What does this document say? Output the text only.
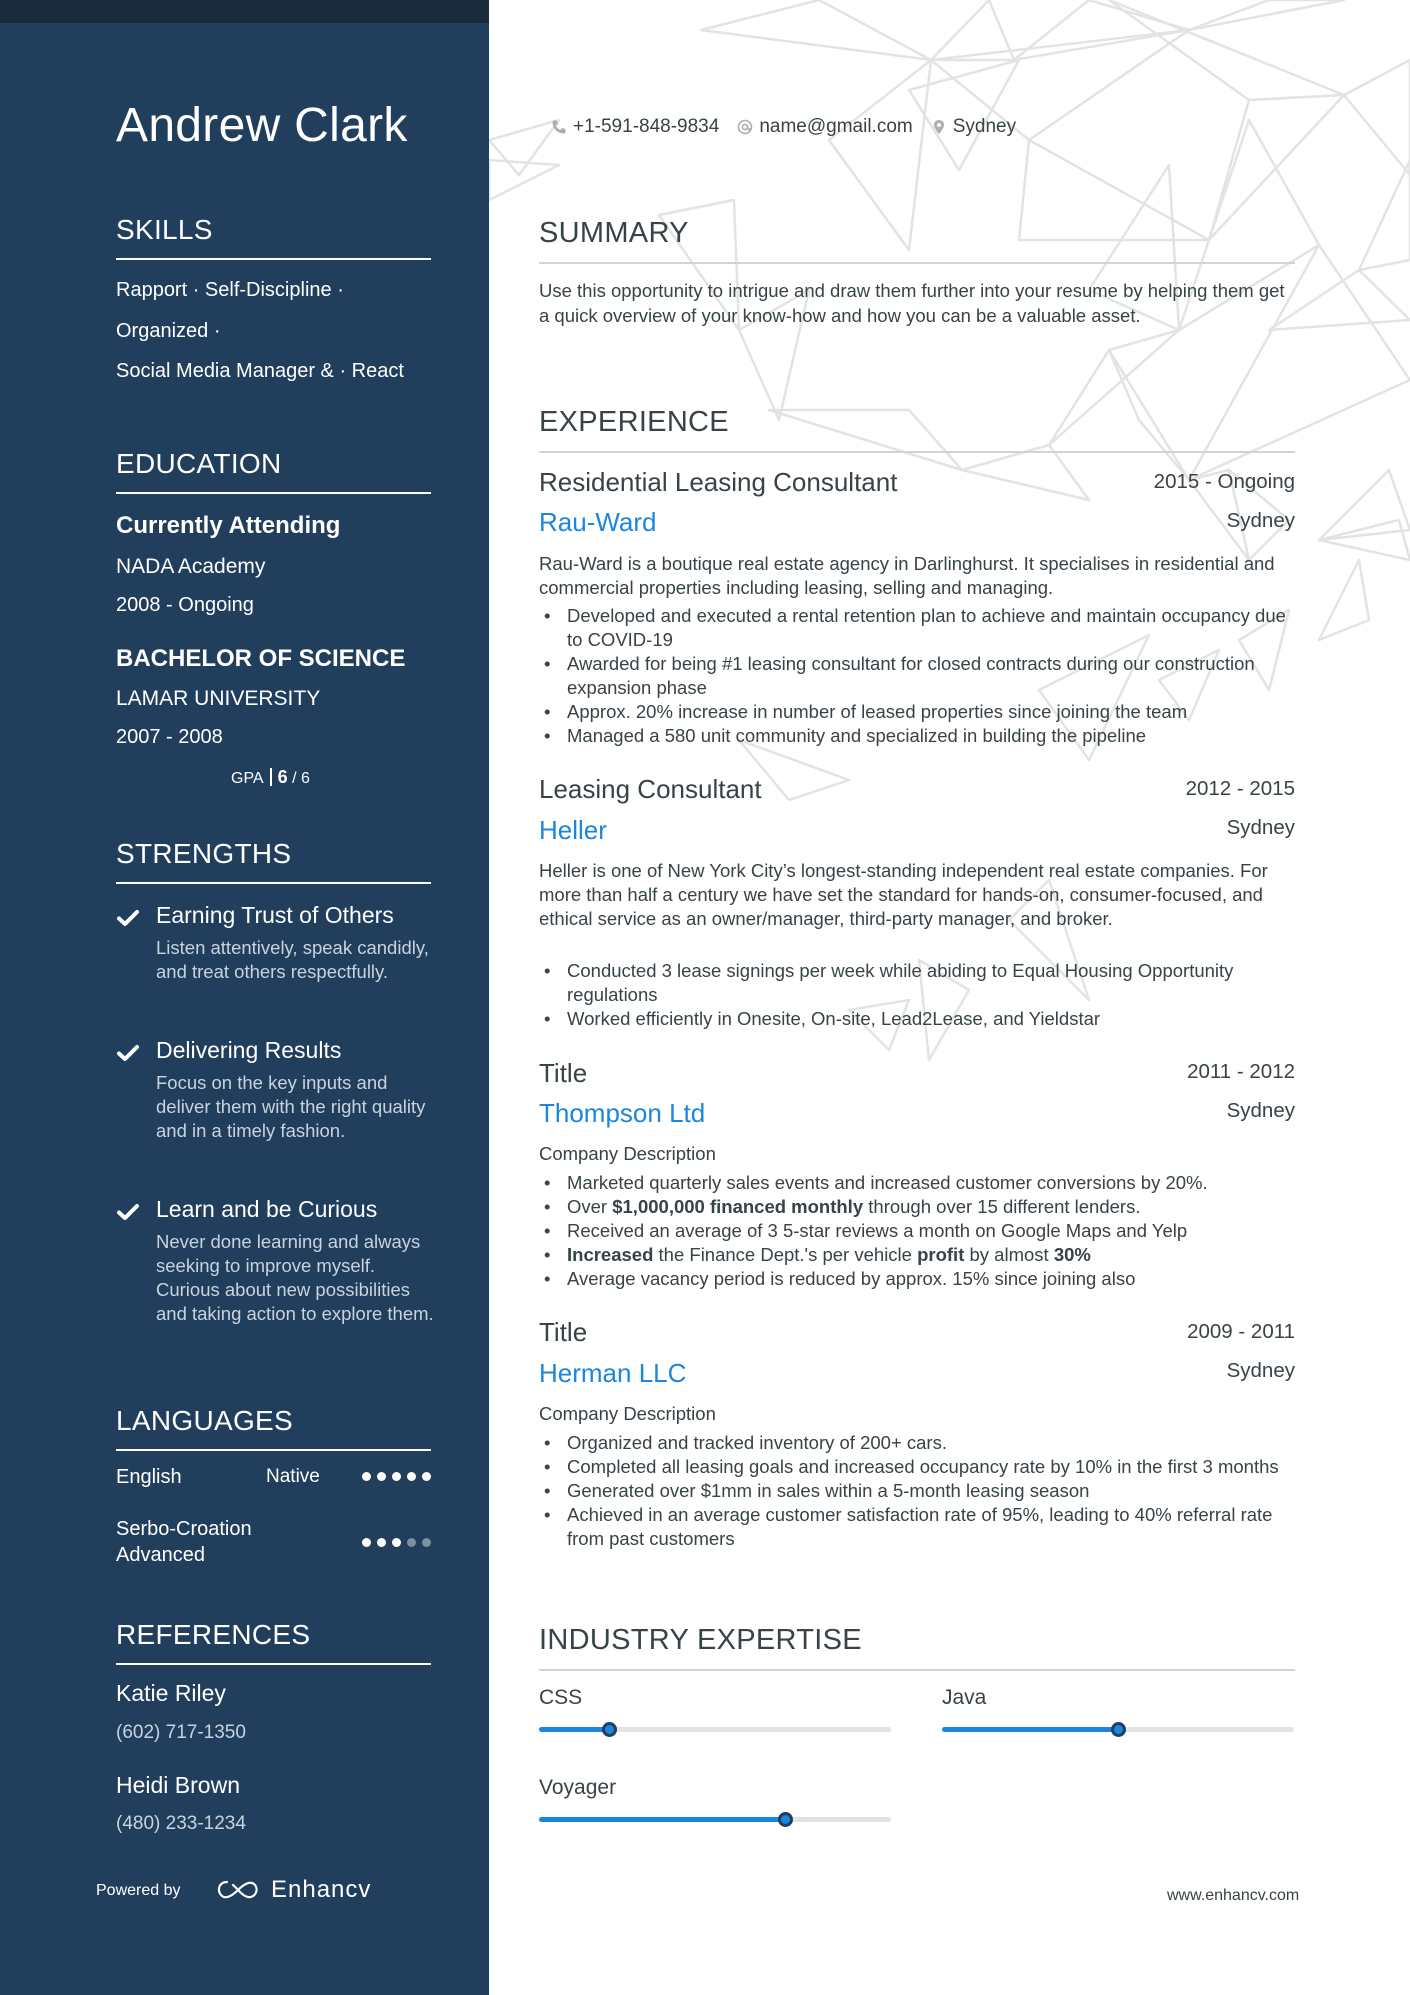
Andrew Clark
SKILLS
Rapport · Self-Discipline ·
Organized ·
Social Media Manager & · React
EDUCATION
Currently Attending
NADA Academy
2008 - Ongoing
BACHELOR OF SCIENCE
LAMAR UNIVERSITY
2007 - 2008
GPA 6 / 6
STRENGTHS
Earning Trust of Others
Listen attentively, speak candidly, and treat others respectfully.
Delivering Results
Focus on the key inputs and deliver them with the right quality and in a timely fashion.
Learn and be Curious
Never done learning and always seeking to improve myself. Curious about new possibilities and taking action to explore them.
LANGUAGES
English	Native
Serbo-Croation
Advanced
REFERENCES
Katie Riley
(602) 717-1350
Heidi Brown
(480) 233-1234
Powered by	Enhancv
+1-591-848-9834 name@gmail.com Sydney
SUMMARY
Use this opportunity to intrigue and draw them further into your resume by helping them get a quick overview of your know-how and how you can be a valuable asset.
EXPERIENCE
Residential Leasing Consultant	2015 - Ongoing
Rau-Ward	Sydney
Rau-Ward is a boutique real estate agency in Darlinghurst. It specialises in residential and commercial properties including leasing, selling and managing.
• Developed and executed a rental retention plan to achieve and maintain occupancy due to COVID-19
• Awarded for being #1 leasing consultant for closed contracts during our construction expansion phase
• Approx. 20% increase in number of leased properties since joining the team
• Managed a 580 unit community and specialized in building the pipeline
Leasing Consultant	2012 - 2015
Heller	Sydney
Heller is one of New York City’s longest-standing independent real estate companies. For more than half a century we have set the standard for hands-on, consumer-focused, and ethical service as an owner/manager, third-party manager, and broker.
• Conducted 3 lease signings per week while abiding to Equal Housing Opportunity regulations
• Worked efficiently in Onesite, On-site, Lead2Lease, and Yieldstar
Title	2011 - 2012
Thompson Ltd	Sydney
Company Description
• Marketed quarterly sales events and increased customer conversions by 20%.
• Over $1,000,000 financed monthly through over 15 different lenders.
• Received an average of 3 5-star reviews a month on Google Maps and Yelp
• Increased the Finance Dept.'s per vehicle profit by almost 30%
• Average vacancy period is reduced by approx. 15% since joining also
Title	2009 - 2011
Herman LLC	Sydney
Company Description
• Organized and tracked inventory of 200+ cars.
• Completed all leasing goals and increased occupancy rate by 10% in the first 3 months
• Generated over $1mm in sales within a 5-month leasing season
• Achieved in an average customer satisfaction rate of 95%, leading to 40% referral rate from past customers
INDUSTRY EXPERTISE
CSS	Java
Voyager
www.enhancv.com
